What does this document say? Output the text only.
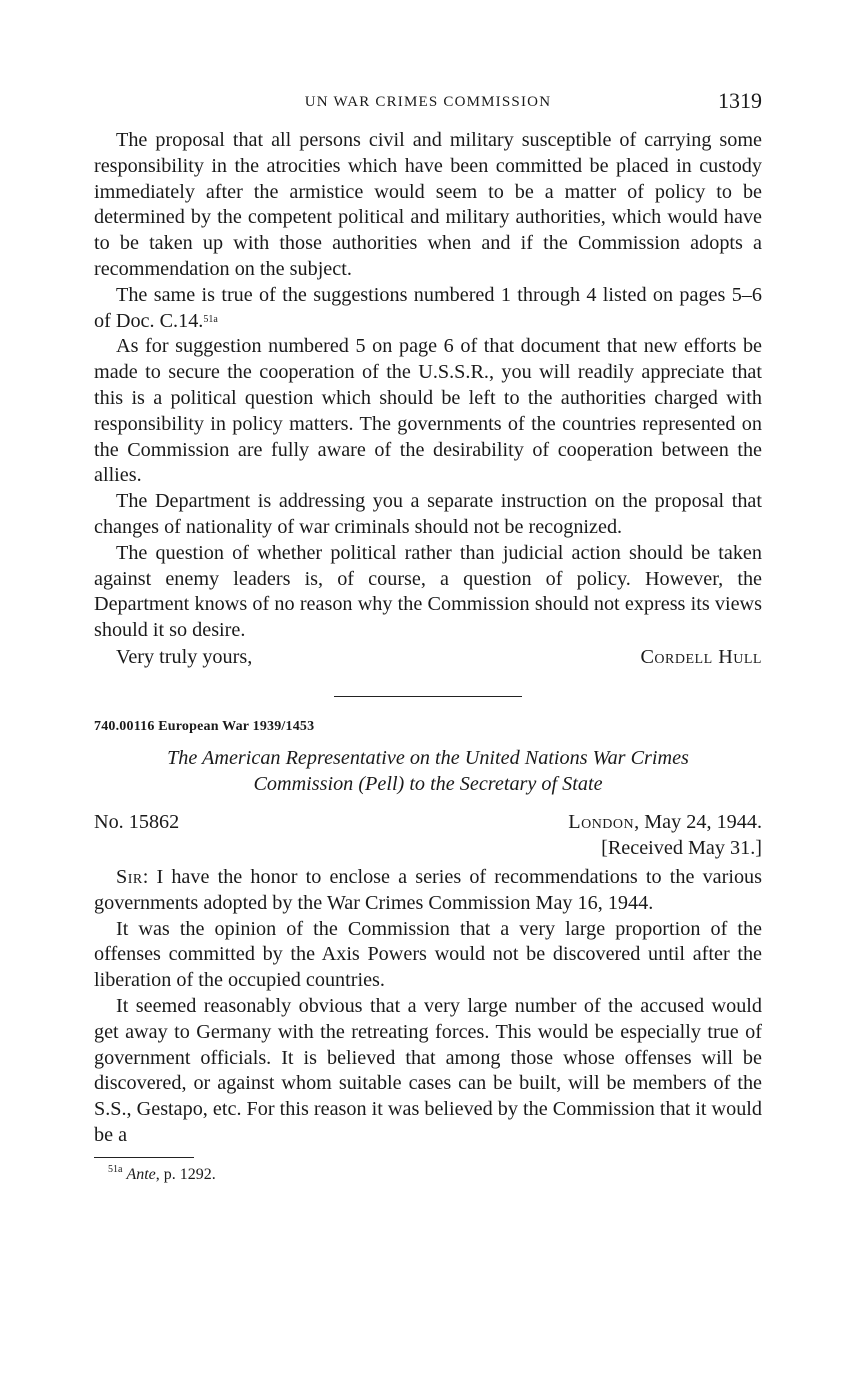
UN WAR CRIMES COMMISSION	1319

The proposal that all persons civil and military susceptible of carrying some responsibility in the atrocities which have been committed be placed in custody immediately after the armistice would seem to be a matter of policy to be determined by the competent political and military authorities, which would have to be taken up with those authorities when and if the Commission adopts a recommendation on the subject.

The same is true of the suggestions numbered 1 through 4 listed on pages 5–6 of Doc. C.14.$^{51a}$

As for suggestion numbered 5 on page 6 of that document that new efforts be made to secure the cooperation of the U.S.S.R., you will readily appreciate that this is a political question which should be left to the authorities charged with responsibility in policy matters. The governments of the countries represented on the Commission are fully aware of the desirability of cooperation between the allies.

The Department is addressing you a separate instruction on the proposal that changes of nationality of war criminals should not be recognized.

The question of whether political rather than judicial action should be taken against enemy leaders is, of course, a question of policy. However, the Department knows of no reason why the Commission should not express its views should it so desire.

Very truly yours,	Cordell Hull
740.00116 European War 1939/1453
The American Representative on the United Nations War Crimes
Commission (Pell) to the Secretary of State
No. 15862	London, May 24, 1944.
[Received May 31.]

Sir: I have the honor to enclose a series of recommendations to the various governments adopted by the War Crimes Commission May 16, 1944.

It was the opinion of the Commission that a very large proportion of the offenses committed by the Axis Powers would not be discovered until after the liberation of the occupied countries.

It seemed reasonably obvious that a very large number of the accused would get away to Germany with the retreating forces. This would be especially true of government officials. It is believed that among those whose offenses will be discovered, or against whom suitable cases can be built, will be members of the S.S., Gestapo, etc. For this reason it was believed by the Commission that it would be a

$^{51a}$ Ante, p. 1292.
